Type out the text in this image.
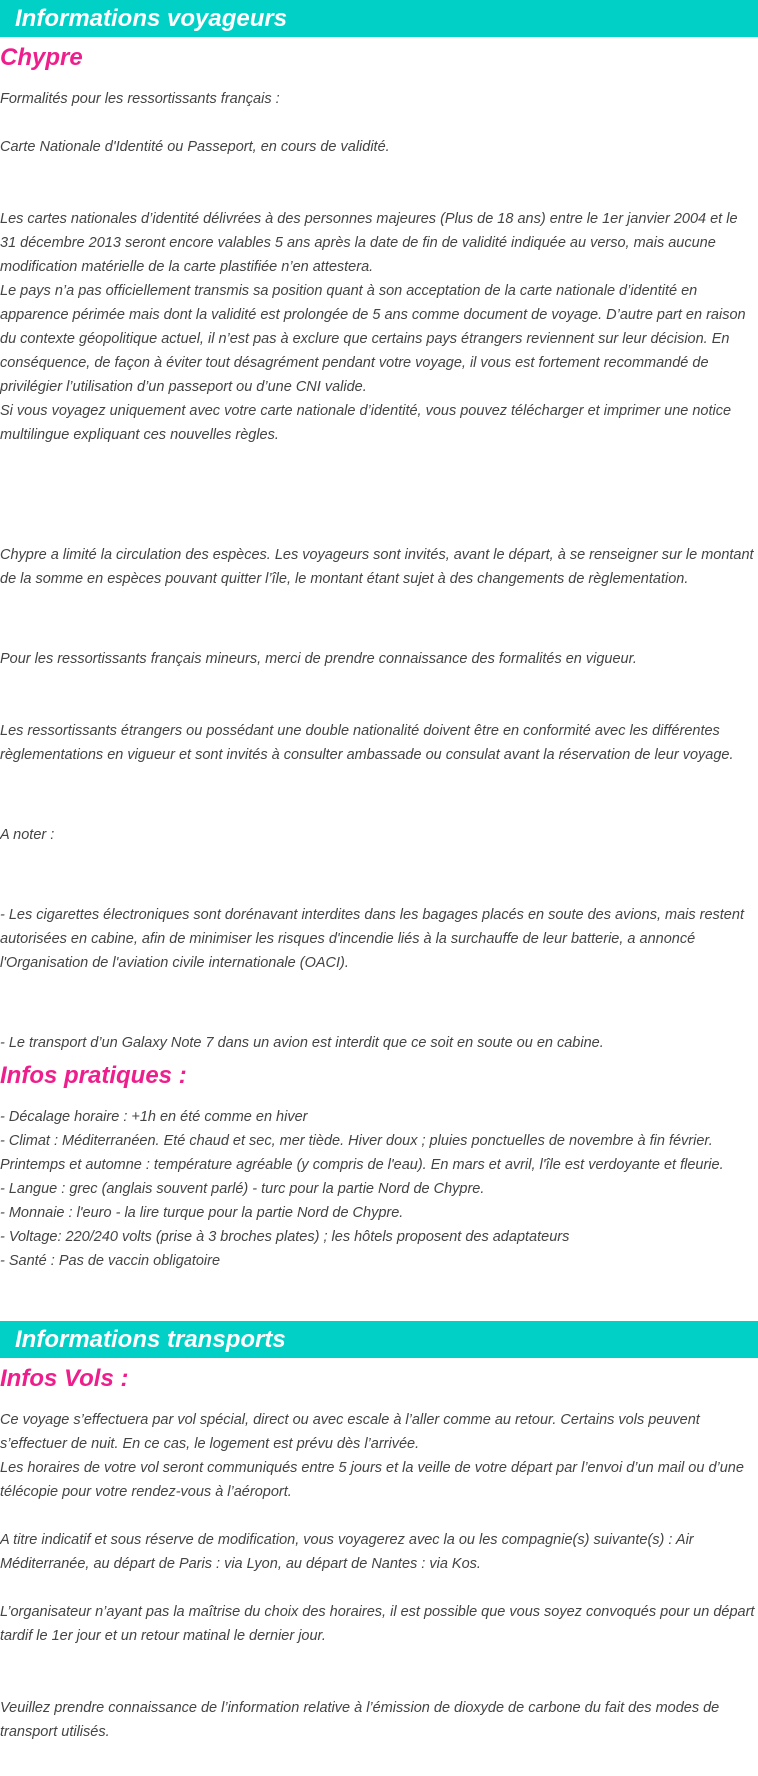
Informations voyageurs
Chypre

Formalités pour les ressortissants français :

Carte Nationale d'Identité ou Passeport, en cours de validité.

Les cartes nationales d’identité délivrées à des personnes majeures (Plus de 18 ans) entre le 1er janvier 2004 et le 31 décembre 2013 seront encore valables 5 ans après la date de fin de validité indiquée au verso, mais aucune modification matérielle de la carte plastifiée n’en attestera.

Le pays n’a pas officiellement transmis sa position quant à son acceptation de la carte nationale d’identité en apparence périmée mais dont la validité est prolongée de 5 ans comme document de voyage. D’autre part en raison du contexte géopolitique actuel, il n’est pas à exclure que certains pays étrangers reviennent sur leur décision. En conséquence, de façon à éviter tout désagrément pendant votre voyage, il vous est fortement recommandé de privilégier l’utilisation d’un passeport ou d’une CNI valide.

Si vous voyagez uniquement avec votre carte nationale d’identité, vous pouvez télécharger et imprimer une notice multilingue expliquant ces nouvelles règles.

Chypre a limité la circulation des espèces. Les voyageurs sont invités, avant le départ, à se renseigner sur le montant de la somme en espèces pouvant quitter l’île, le montant étant sujet à des changements de règlementation.

Pour les ressortissants français mineurs, merci de prendre connaissance des formalités en vigueur.

Les ressortissants étrangers ou possédant une double nationalité doivent être en conformité avec les différentes règlementations en vigueur et sont invités à consulter ambassade ou consulat avant la réservation de leur voyage.

A noter :

- Les cigarettes électroniques sont dorénavant interdites dans les bagages placés en soute des avions, mais restent autorisées en cabine, afin de minimiser les risques d'incendie liés à la surchauffe de leur batterie, a annoncé l'Organisation de l'aviation civile internationale (OACI).

- Le transport d’un Galaxy Note 7 dans un avion est interdit que ce soit en soute ou en cabine.

Infos pratiques :

- Décalage horaire : +1h en été comme en hiver

- Climat : Méditerranéen. Eté chaud et sec, mer tiède. Hiver doux ; pluies ponctuelles de novembre à fin février.

Printemps et automne : température agréable (y compris de l'eau). En mars et avril, l'île est verdoyante et fleurie.

- Langue : grec (anglais souvent parlé) - turc pour la partie Nord de Chypre.

- Monnaie : l'euro - la lire turque pour la partie Nord de Chypre.

- Voltage: 220/240 volts (prise à 3 broches plates) ; les hôtels proposent des adaptateurs

- Santé : Pas de vaccin obligatoire

Informations transports
Infos Vols :

Ce voyage s’effectuera par vol spécial, direct ou avec escale à l’aller comme au retour. Certains vols peuvent s’effectuer de nuit. En ce cas, le logement est prévu dès l’arrivée.

Les horaires de votre vol seront communiqués entre 5 jours et la veille de votre départ par l’envoi d’un mail ou d’une télécopie pour votre rendez-vous à l’aéroport.

A titre indicatif et sous réserve de modification, vous voyagerez avec la ou les compagnie(s) suivante(s) : Air Méditerranée, au départ de Paris : via Lyon, au départ de Nantes : via Kos.

L’organisateur n’ayant pas la maîtrise du choix des horaires, il est possible que vous soyez convoqués pour un départ tardif le 1er jour et un retour matinal le dernier jour.

Veuillez prendre connaissance de l’information relative à l’émission de dioxyde de carbone du fait des modes de transport utilisés.
